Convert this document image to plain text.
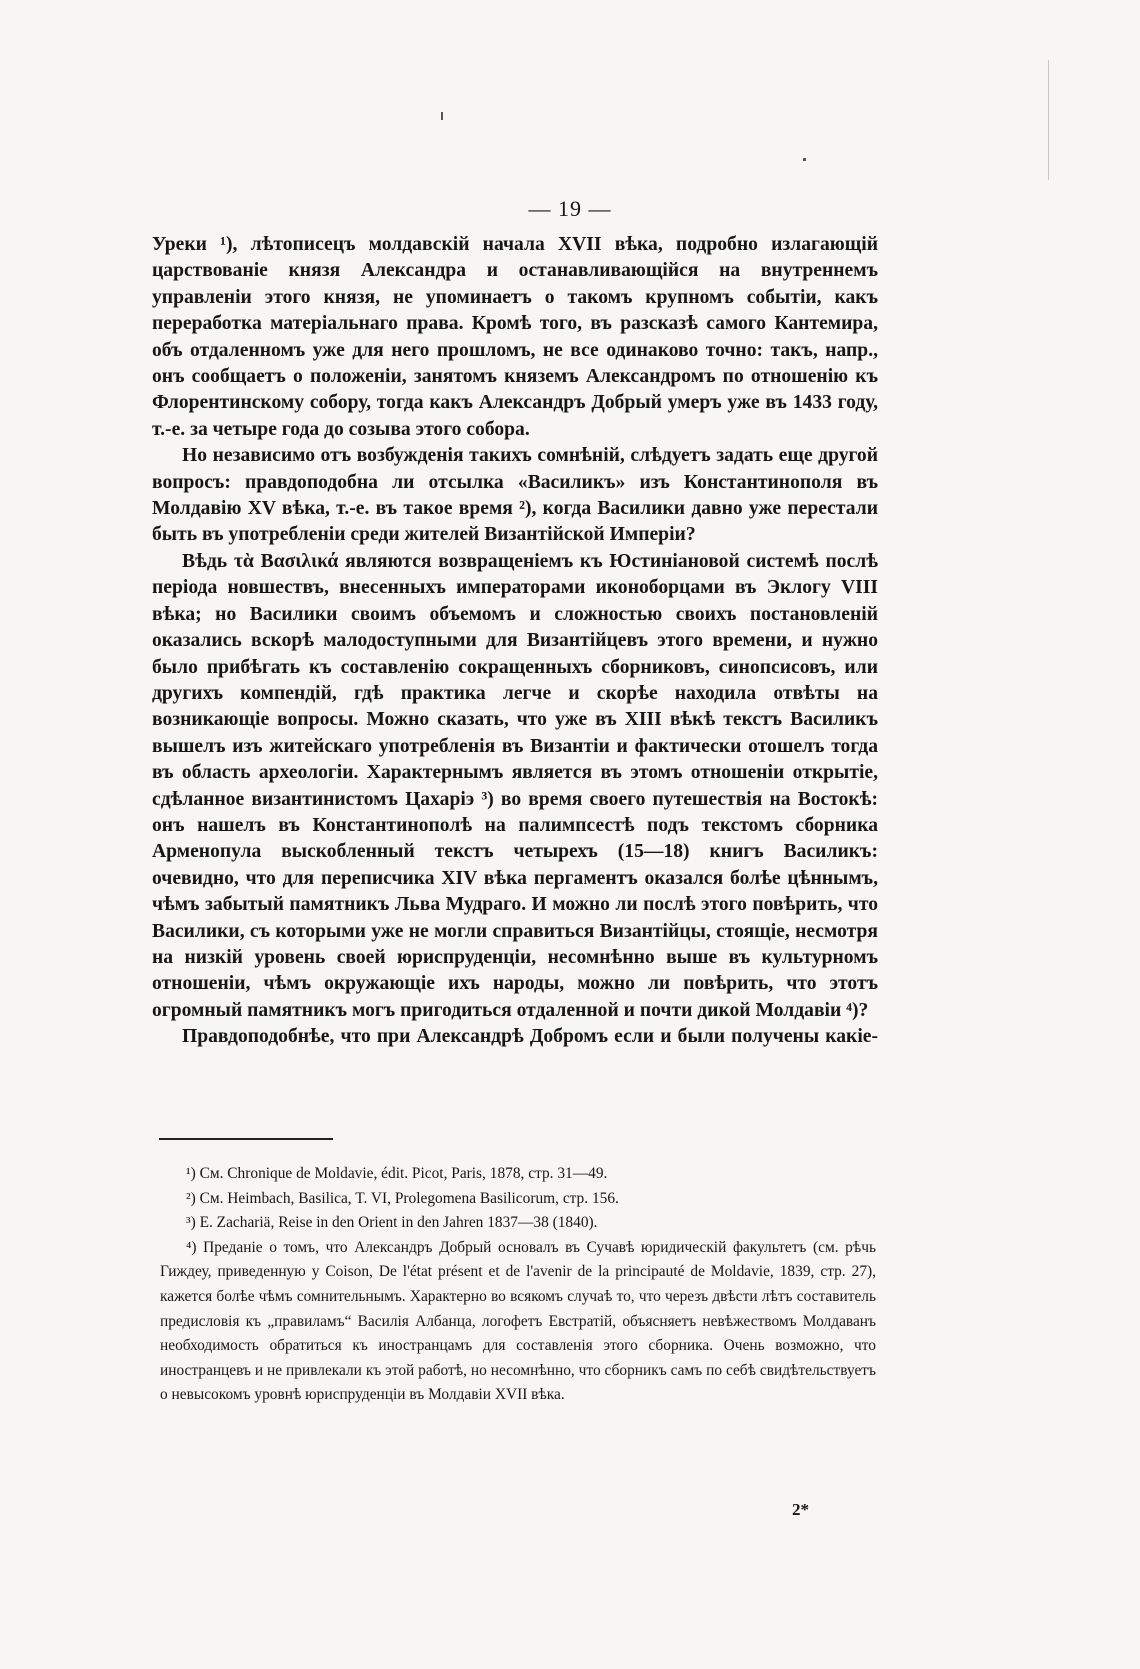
— 19 —

Уреки ¹), лѣтописецъ молдавскій начала XVII вѣка, подробно излагающій царствованіе князя Александра и останавливающійся на внутреннемъ управленіи этого князя, не упоминаетъ о такомъ крупномъ событіи, какъ переработка матеріальнаго права. Кромѣ того, въ разсказѣ самого Кантемира, объ отдаленномъ уже для него прошломъ, не все одинаково точно: такъ, напр., онъ сообщаетъ о положеніи, занятомъ княземъ Александромъ по отношенію къ Флорентинскому собору, тогда какъ Александръ Добрый умеръ уже въ 1433 году, т.-е. за четыре года до созыва этого собора.

Но независимо отъ возбужденія такихъ сомнѣній, слѣдуетъ задать еще другой вопросъ: правдоподобна ли отсылка «Василикъ» изъ Константинополя въ Молдавію XV вѣка, т.-е. въ такое время ²), когда Василики давно уже перестали быть въ употребленіи среди жителей Византійской Имперіи?

Вѣдь τὰ Βασιλικά являются возвращеніемъ къ Юстиніановой системѣ послѣ періода новшествъ, внесенныхъ императорами иконоборцами въ Эклогу VIII вѣка; но Василики своимъ объемомъ и сложностью своихъ постановленій оказались вскорѣ малодоступными для Византійцевъ этого времени, и нужно было прибѣгать къ составленію сокращенныхъ сборниковъ, синопсисовъ, или другихъ компендій, гдѣ практика легче и скорѣе находила отвѣты на возникающіе вопросы. Можно сказать, что уже въ XIII вѣкѣ текстъ Василикъ вышелъ изъ житейскаго употребленія въ Византіи и фактически отошелъ тогда въ область археологіи. Характернымъ является въ этомъ отношеніи открытіе, сдѣланное византинистомъ Цахаріэ ³) во время своего путешествія на Востокѣ: онъ нашелъ въ Константинополѣ на палимпсестѣ подъ текстомъ сборника Арменопула выскобленный текстъ четырехъ (15—18) книгъ Василикъ: очевидно, что для переписчика XIV вѣка пергаментъ оказался болѣе цѣннымъ, чѣмъ забытый памятникъ Льва Мудраго. И можно ли послѣ этого повѣрить, что Василики, съ которыми уже не могли справиться Византійцы, стоящіе, несмотря на низкій уровень своей юриспруденціи, несомнѣнно выше въ культурномъ отношеніи, чѣмъ окружающіе ихъ народы, можно ли повѣрить, что этотъ огромный памятникъ могъ пригодиться отдаленной и почти дикой Молдавіи ⁴)?

Правдоподобнѣе, что при Александрѣ Добромъ если и были получены какіе-

¹) См. Chronique de Moldavie, édit. Picot, Paris, 1878, стр. 31—49.

²) См. Heimbach, Basilica, T. VI, Prolegomena Basilicorum, стр. 156.

³) E. Zachariä, Reise in den Orient in den Jahren 1837—38 (1840).

⁴) Преданіе о томъ, что Александръ Добрый основалъ въ Сучавѣ юридическій факультетъ (см. рѣчь Гиждеу, приведенную у Coison, De l'état présent et de l'avenir de la principauté de Moldavie, 1839, стр. 27), кажется болѣе чѣмъ сомнительнымъ. Характерно во всякомъ случаѣ то, что черезъ двѣсти лѣтъ составитель предисловія къ „правиламъ“ Василія Албанца, логофетъ Евстратій, объясняетъ невѣжествомъ Молдаванъ необходимость обратиться къ иностранцамъ для составленія этого сборника. Очень возможно, что иностранцевъ и не привлекали къ этой работѣ, но несомнѣнно, что сборникъ самъ по себѣ свидѣтельствуетъ о невысокомъ уровнѣ юриспруденціи въ Молдавіи XVII вѣка.

2*
